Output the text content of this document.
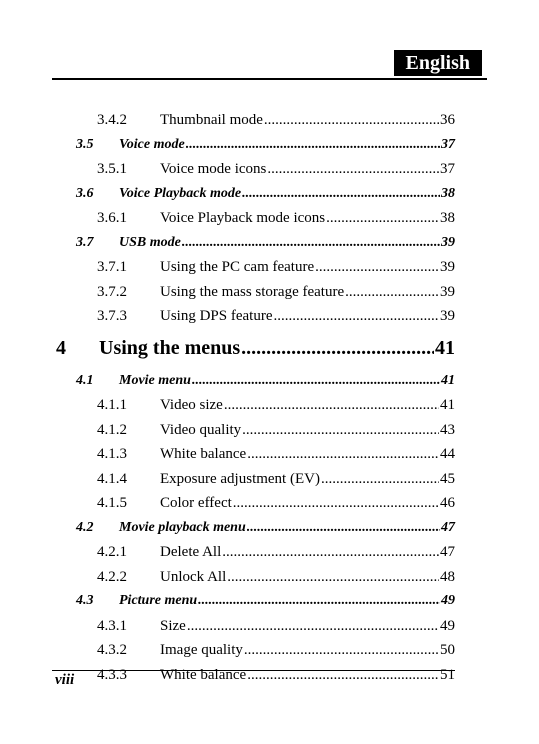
English
3.4.2	Thumbnail mode .....	36
3.5	Voice mode .....	37
3.5.1	Voice mode icons .....	37
3.6	Voice Playback mode .....	38
3.6.1	Voice Playback mode icons .....	38
3.7	USB mode .....	39
3.7.1	Using the PC cam feature .....	39
3.7.2	Using the mass storage feature .....	39
3.7.3	Using DPS feature .....	39
4	Using the menus .....	41
4.1	Movie menu .....	41
4.1.1	Video size .....	41
4.1.2	Video quality .....	43
4.1.3	White balance .....	44
4.1.4	Exposure adjustment (EV) .....	45
4.1.5	Color effect .....	46
4.2	Movie playback menu .....	47
4.2.1	Delete All .....	47
4.2.2	Unlock All .....	48
4.3	Picture menu .....	49
4.3.1	Size .....	49
4.3.2	Image quality .....	50
4.3.3	White balance .....	51
viii
